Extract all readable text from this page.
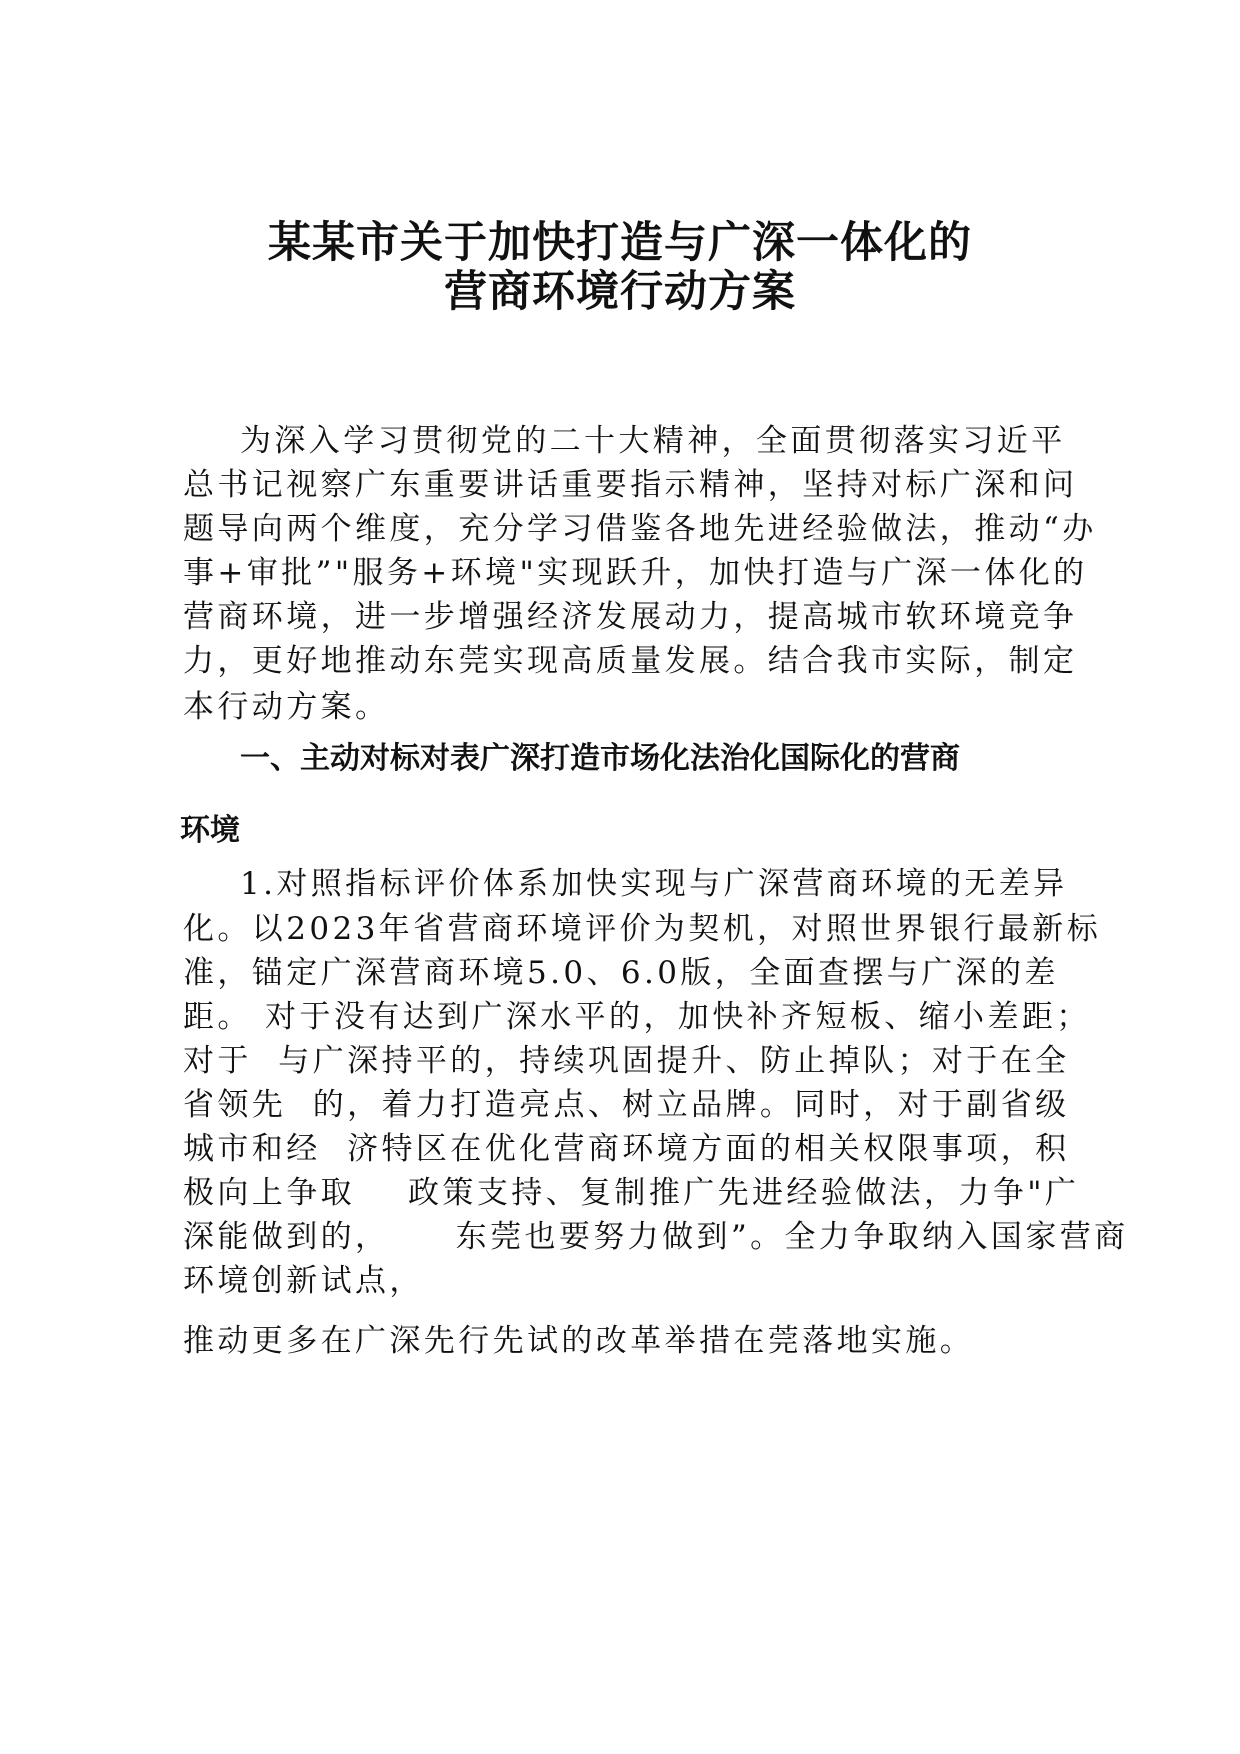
某某市关于加快打造与广深一体化的
营商环境行动方案
为深入学习贯彻党的二十大精神，全面贯彻落实习近平
总书记视察广东重要讲话重要指示精神，坚持对标广深和问
题导向两个维度，充分学习借鉴各地先进经验做法，推动“办
事+审批”"服务+环境"实现跃升，加快打造与广深一体化的
营商环境，进一步增强经济发展动力，提高城市软环境竞争
力，更好地推动东莞实现高质量发展。结合我市实际，制定
本行动方案。
一、主动对标对表广深打造市场化法治化国际化的营商
环境
1.对照指标评价体系加快实现与广深营商环境的无差异
化。以2023年省营商环境评价为契机，对照世界银行最新标
准，锚定广深营商环境5.0、6.0版，全面查摆与广深的差
距。 对于没有达到广深水平的，加快补齐短板、缩小差距；
对于  与广深持平的，持续巩固提升、防止掉队；对于在全
省领先  的，着力打造亮点、树立品牌。同时，对于副省级
城市和经  济特区在优化营商环境方面的相关权限事项，积
极向上争取    政策支持、复制推广先进经验做法，力争"广
深能做到的，     东莞也要努力做到”。全力争取纳入国家营商
环境创新试点，
推动更多在广深先行先试的改革举措在莞落地实施。
